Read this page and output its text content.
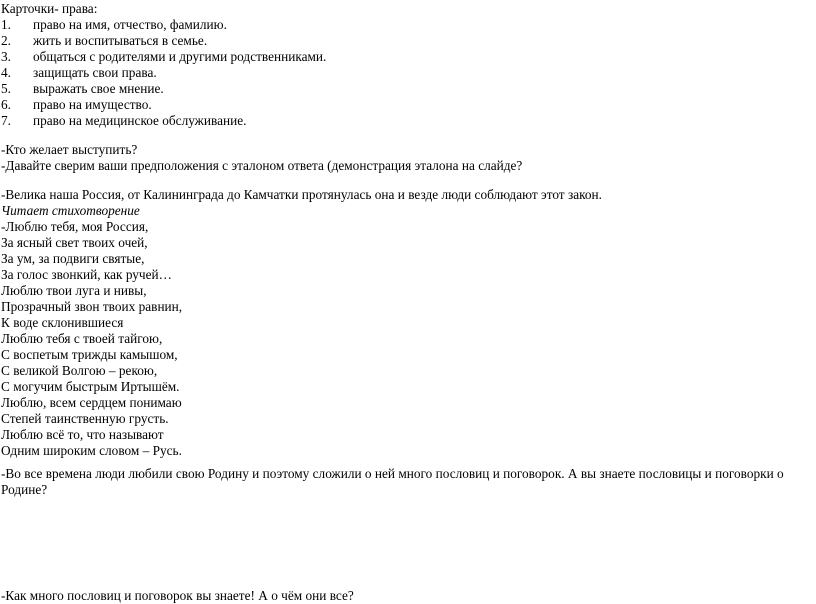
Карточки- права:
1. право на имя, отчество, фамилию.
2. жить и воспитываться в семье.
3. общаться с родителями и другими родственниками.
4. защищать свои права.
5. выражать свое мнение.
6. право на имущество.
7. право на медицинское обслуживание.
-Кто желает выступить?
-Давайте сверим ваши предположения с эталоном ответа (демонстрация эталона на слайде?
-Велика наша Россия, от Калининграда до Камчатки протянулась она и везде люди соблюдают этот закон.
Читает стихотворение
-Люблю тебя, моя Россия,
За ясный свет твоих очей,
За ум, за подвиги святые,
За голос звонкий, как ручей…
Люблю твои луга и нивы,
Прозрачный звон твоих равнин,
К воде склонившиеся
Люблю тебя с твоей тайгою,
С воспетым трижды камышом,
С великой Волгою – рекою,
С могучим быстрым Иртышём.
Люблю, всем сердцем понимаю
Степей таинственную грусть.
Люблю всё то, что называют
Одним широким словом – Русь.
-Во все времена люди любили свою Родину и поэтому сложили о ней много пословиц и поговорок. А вы знаете пословицы и поговорки о Родине?
-Как много пословиц и поговорок вы знаете! А о чём они все?
